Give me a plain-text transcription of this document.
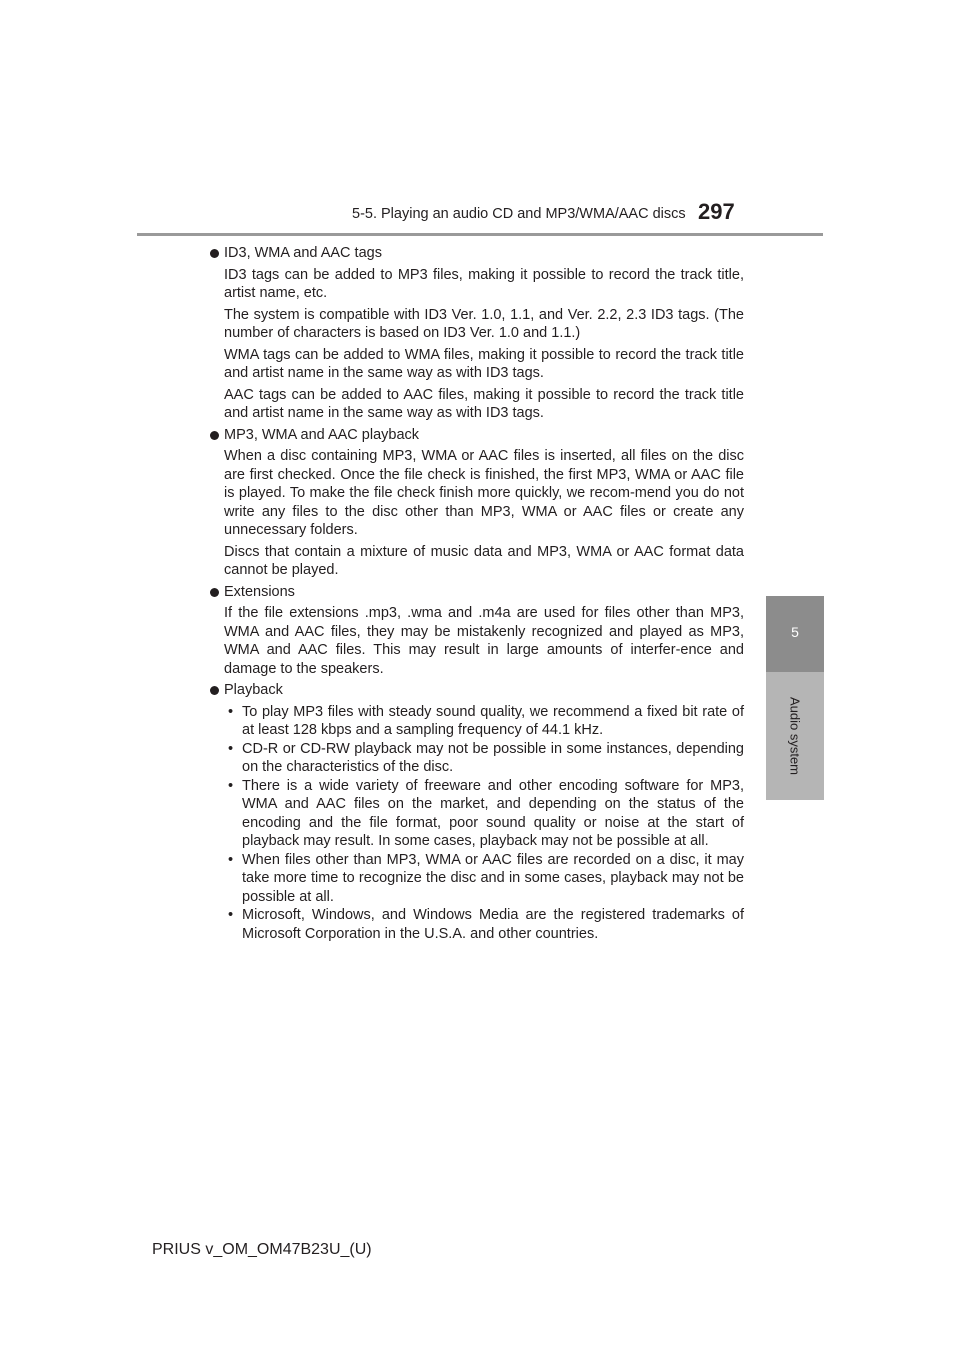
5-5. Playing an audio CD and MP3/WMA/AAC discs 297
5
Audio system
ID3, WMA and AAC tags

ID3 tags can be added to MP3 files, making it possible to record the track title, artist name, etc.

The system is compatible with ID3 Ver. 1.0, 1.1, and Ver. 2.2, 2.3 ID3 tags. (The number of characters is based on ID3 Ver. 1.0 and 1.1.)

WMA tags can be added to WMA files, making it possible to record the track title and artist name in the same way as with ID3 tags.

AAC tags can be added to AAC files, making it possible to record the track title and artist name in the same way as with ID3 tags.

MP3, WMA and AAC playback

When a disc containing MP3, WMA or AAC files is inserted, all files on the disc are first checked. Once the file check is finished, the first MP3, WMA or AAC file is played. To make the file check finish more quickly, we recom-mend you do not write any files to the disc other than MP3, WMA or AAC files or create any unnecessary folders.

Discs that contain a mixture of music data and MP3, WMA or AAC format data cannot be played.

Extensions

If the file extensions .mp3, .wma and .m4a are used for files other than MP3, WMA and AAC files, they may be mistakenly recognized and played as MP3, WMA and AAC files. This may result in large amounts of interfer-ence and damage to the speakers.

Playback
• To play MP3 files with steady sound quality, we recommend a fixed bit rate of at least 128 kbps and a sampling frequency of 44.1 kHz.
• CD-R or CD-RW playback may not be possible in some instances, depending on the characteristics of the disc.
• There is a wide variety of freeware and other encoding software for MP3, WMA and AAC files on the market, and depending on the status of the encoding and the file format, poor sound quality or noise at the start of playback may result. In some cases, playback may not be possible at all.
• When files other than MP3, WMA or AAC files are recorded on a disc, it may take more time to recognize the disc and in some cases, playback may not be possible at all.
• Microsoft, Windows, and Windows Media are the registered trademarks of Microsoft Corporation in the U.S.A. and other countries.
PRIUS v_OM_OM47B23U_(U)
